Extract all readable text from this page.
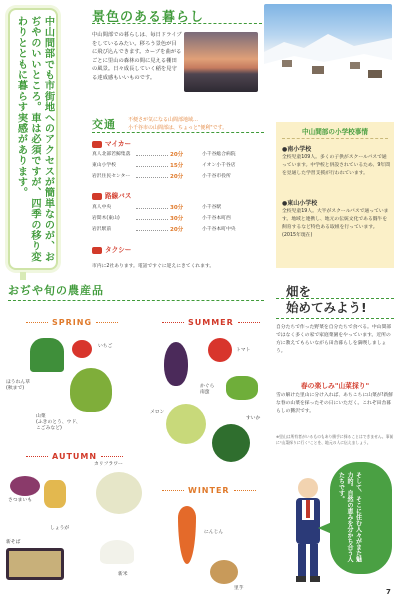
中山間部でも市街地へのアクセスが簡単なのが、おぢやのいいところ。車は必須ですが、四季の移り変わりとともに暮らす実感があります。	景色のある暮らし
中山間部での暮らしは、毎日ドライブをしているみたい。移ろう景色が目に飛び込んできます。カーブを曲がるごとに里山の森林の間に見える棚田の風景。日々成長していく稲を見守る達成感もいいものです。
交通 不便さが気になる山間部地域…
小千谷市の山間部は、ちょっと"便利"です。
マイカー
真人北部若鯨集落	20分	小千谷総合病院
東山小学校	15分	イオン小千谷店
岩沢住民センター	20分	小千谷市役所
路線バス
真人中央	30分	小千谷駅
岩間木(東山)	30分	小千谷本町西
岩沢駅前	20分	小千谷本町中央
タクシー
市内に2社あります。電話ですぐに迎えにきてくれます。
中山間部の小学校事情
●南小学校
全校児童109人。多くの子供がスクールバスで通っています。中学校と併設されているため、9年間を見通した学習支援が行われています。
●東山小学校
全校児童19人。大半がスクールバスで通っています。地域と連携し、地元の伝統文化である闘牛を飼育するなど特色ある取組を行っています。(2015年現在)
おぢや旬の農産品
SPRING	SUMMER
AUTUMN
WINTER
いちご
ほうれん草
(秋まで)
山菜
(ふきのとう、ウド、
こごみなど)
トマト
かぐら
南蛮
メロン
すいか
さつまいも
しょうが
カリフラワー
新そば
新米
にんじん
里芋
畑を
始めてみよう!
自分たちで作った野菜を自分たちで食べる。中山間部ではなく多くの家で家庭菜園をやっています。近所の方に教えてもらいながら田舎暮らしを満喫しましょう。
春の楽しみ"山菜採り"
雪の解けた里山に分け入れば、あちこちに山菜が!新鮮な春の山菜を採ったその日にいただく。これぞ田舎暮らしの贅沢です。
※里山は所有者がいるものもあり勝手に採ることはできません。事前に"山菜採りに行く"ことを、地元の人に伝えましょう。
そして、そこに住む人々がまた魅力的。自然の恵みを分かち合う人たちです。
7
